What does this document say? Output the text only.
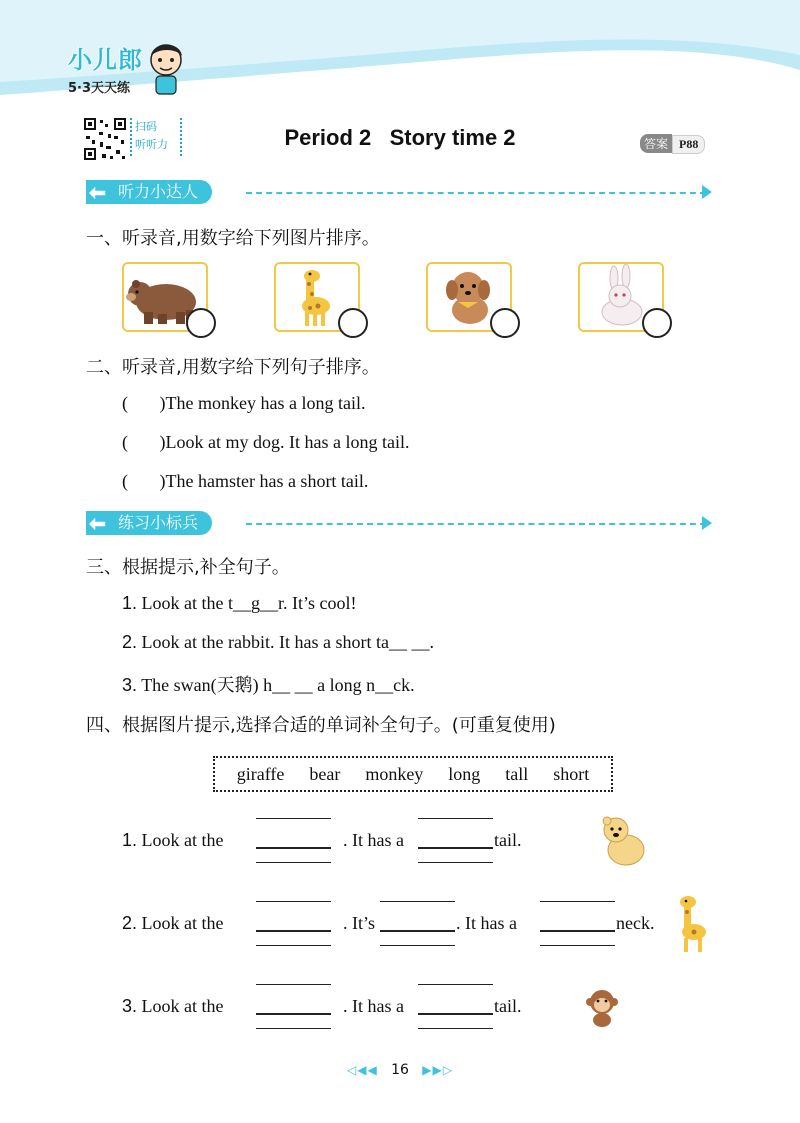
小儿郎
5·3天天练
扫码
听听力	Period 2   Story time 2	答案 P88
听力小达人
一、听录音,用数字给下列图片排序。
二、听录音,用数字给下列句子排序。
(       )The monkey has a long tail.
(       )Look at my dog. It has a long tail.
(       )The hamster has a short tail.
练习小标兵
三、根据提示,补全句子。
1. Look at the t__g__r. It’s cool!
2. Look at the rabbit. It has a short ta__ __.
3. The swan(天鹅) h__ __ a long n__ck.
四、根据图片提示,选择合适的单词补全句子。(可重复使用)
giraffe  bear  monkey  long  tall  short
1. Look at the	. It has a	tail.
2. Look at the	. It’s	. It has a	neck.
3. Look at the	. It has a	tail.
◁◀◀ 16 ▶▶▷
